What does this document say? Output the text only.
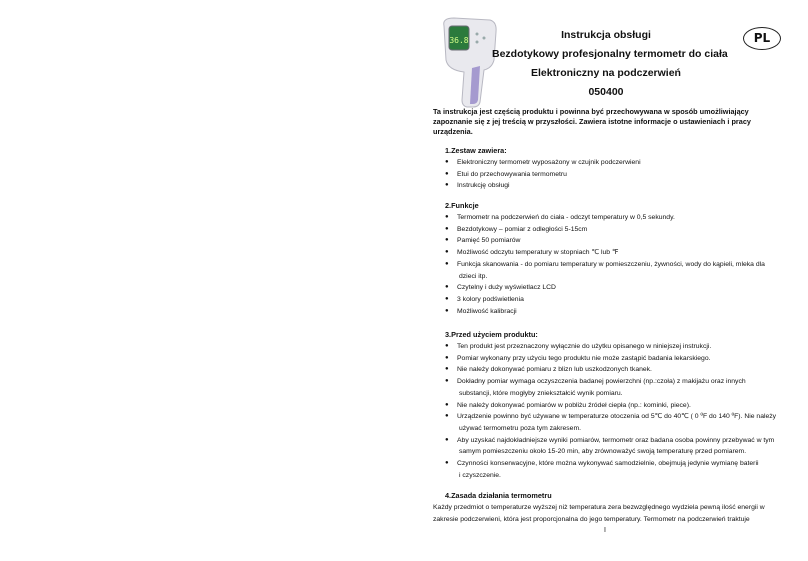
36.8	Instrukcja obsługi
Bezdotykowy profesjonalny termometr do ciała
Elektroniczny na podczerwień
050400
PL
Ta instrukcja jest częścią produktu i powinna być przechowywana w sposób umożliwiający zapoznanie się z jej treścią w przyszłości. Zawiera istotne informacje o ustawieniach i pracy urządzenia.
1.Zestaw zawiera:
● Elektroniczny termometr wyposażony w czujnik podczerwieni
● Etui do przechowywania termometru
● Instrukcję obsługi
2.Funkcje
● Termometr na podczerwień do ciała - odczyt temperatury w 0,5 sekundy.
● Bezdotykowy – pomiar z odległości 5-15cm
● Pamięć 50 pomiarów
● Możliwość odczytu temperatury w stopniach ℃ lub ℉
● Funkcja skanowania - do pomiaru temperatury w pomieszczeniu, żywności, wody do kąpieli, mleka dla
dzieci itp.
● Czytelny i duży wyświetlacz LCD
● 3 kolory podświetlenia
● Możliwość kalibracji
3.Przed użyciem produktu:
● Ten produkt jest przeznaczony wyłącznie do użytku opisanego w niniejszej instrukcji.
● Pomiar wykonany przy użyciu tego produktu nie może zastąpić badania lekarskiego.
● Nie należy dokonywać pomiaru z blizn lub uszkodzonych tkanek.
● Dokładny pomiar wymaga oczyszczenia badanej powierzchni (np.:czoła) z makijażu oraz innych
substancji, które mogłyby zniekształcić wynik pomiaru.
● Nie należy dokonywać pomiarów w pobliżu źródeł ciepła (np.: kominki, piece).
● Urządzenie powinno być używane w temperaturze otoczenia od 5℃ do 40℃ ( 0 ºF do 140 ºF). Nie należy
używać termometru poza tym zakresem.
● Aby uzyskać najdokładniejsze wyniki pomiarów, termometr oraz badana osoba powinny przebywać w tym
samym pomieszczeniu około 15-20 min, aby zrównoważyć swoją temperaturę przed pomiarem.
● Czynności konserwacyjne, które można wykonywać samodzielnie, obejmują jedynie wymianę baterii
i czyszczenie.
4.Zasada działania termometru
Każdy przedmiot o temperaturze wyższej niż temperatura zera bezwzględnego wydziela pewną ilość energii w zakresie podczerwieni, która jest proporcjonalna do jego temperatury. Termometr na podczerwień traktuje
I
